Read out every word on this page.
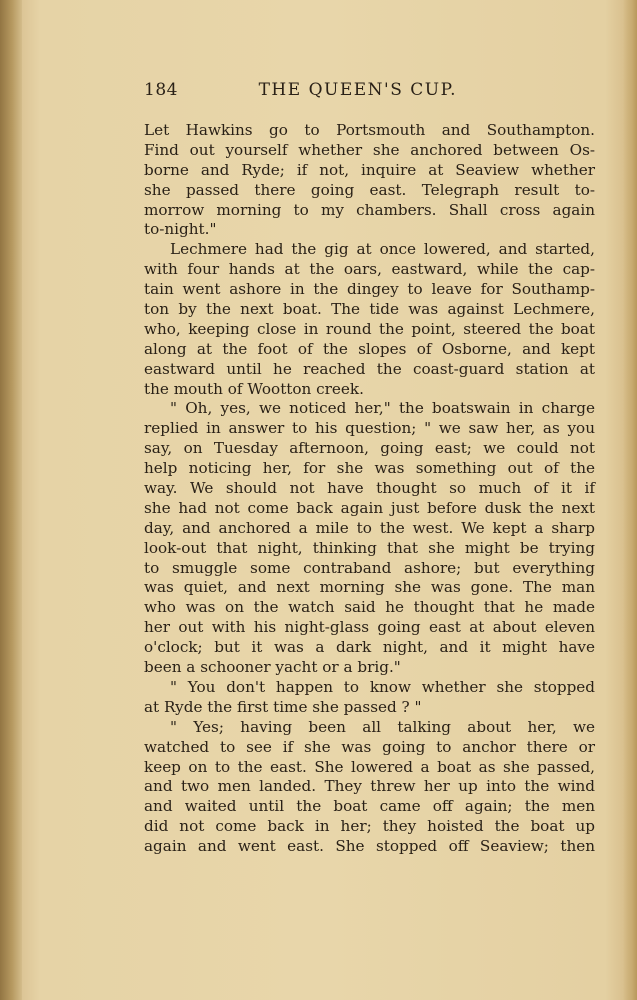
184	THE QUEEN'S CUP.
Let Hawkins go to Portsmouth and Southampton.
Find out yourself whether she anchored between Os-
borne and Ryde; if not, inquire at Seaview whether
she passed there going east. Telegraph result to-
morrow morning to my chambers. Shall cross again
to-night."
Lechmere had the gig at once lowered, and started,
with four hands at the oars, eastward, while the cap-
tain went ashore in the dingey to leave for Southamp-
ton by the next boat. The tide was against Lechmere,
who, keeping close in round the point, steered the boat
along at the foot of the slopes of Osborne, and kept
eastward until he reached the coast-guard station at
the mouth of Wootton creek.
" Oh, yes, we noticed her," the boatswain in charge
replied in answer to his question; " we saw her, as you
say, on Tuesday afternoon, going east; we could not
help noticing her, for she was something out of the
way. We should not have thought so much of it if
she had not come back again just before dusk the next
day, and anchored a mile to the west. We kept a sharp
look-out that night, thinking that she might be trying
to smuggle some contraband ashore; but everything
was quiet, and next morning she was gone. The man
who was on the watch said he thought that he made
her out with his night-glass going east at about eleven
o'clock; but it was a dark night, and it might have
been a schooner yacht or a brig."
" You don't happen to know whether she stopped
at Ryde the first time she passed ? "
" Yes; having been all talking about her, we
watched to see if she was going to anchor there or
keep on to the east. She lowered a boat as she passed,
and two men landed. They threw her up into the wind
and waited until the boat came off again; the men
did not come back in her; they hoisted the boat up
again and went east. She stopped off Seaview; then
